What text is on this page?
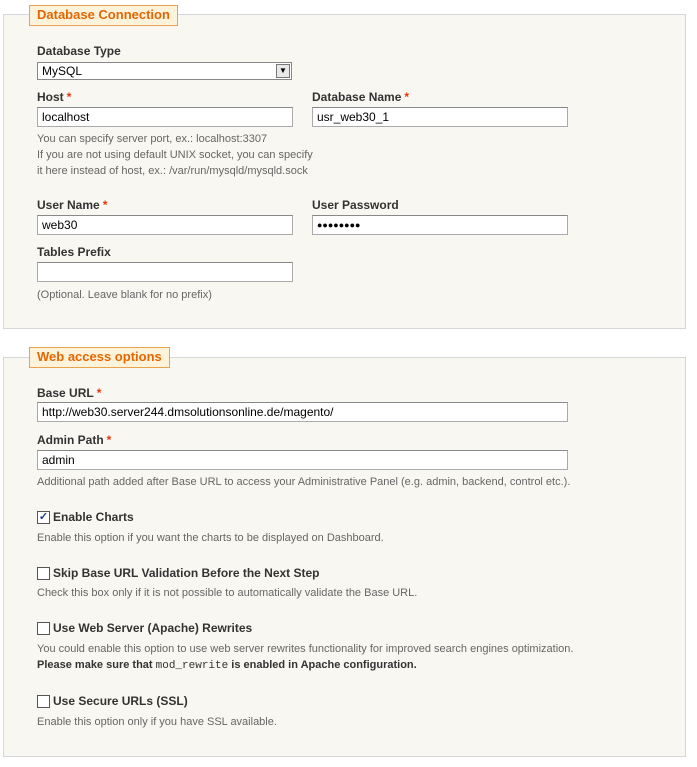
Database Connection
Database Type
MySQL	▼
Host *
localhost
Database Name *
usr_web30_1
You can specify server port, ex.: localhost:3307
If you are not using default UNIX socket, you can specify
it here instead of host, ex.: /var/run/mysqld/mysqld.sock
User Name *
web30
User Password
●●●●●●●●
Tables Prefix
(Optional. Leave blank for no prefix)
Web access options
Base URL *
http://web30.server244.dmsolutionsonline.de/magento/
Admin Path *
admin
Additional path added after Base URL to access your Administrative Panel (e.g. admin, backend, control etc.).
✓ Enable Charts
Enable this option if you want the charts to be displayed on Dashboard.
Skip Base URL Validation Before the Next Step
Check this box only if it is not possible to automatically validate the Base URL.
Use Web Server (Apache) Rewrites
You could enable this option to use web server rewrites functionality for improved search engines optimization.
Please make sure that mod_rewrite is enabled in Apache configuration.
Use Secure URLs (SSL)
Enable this option only if you have SSL available.
